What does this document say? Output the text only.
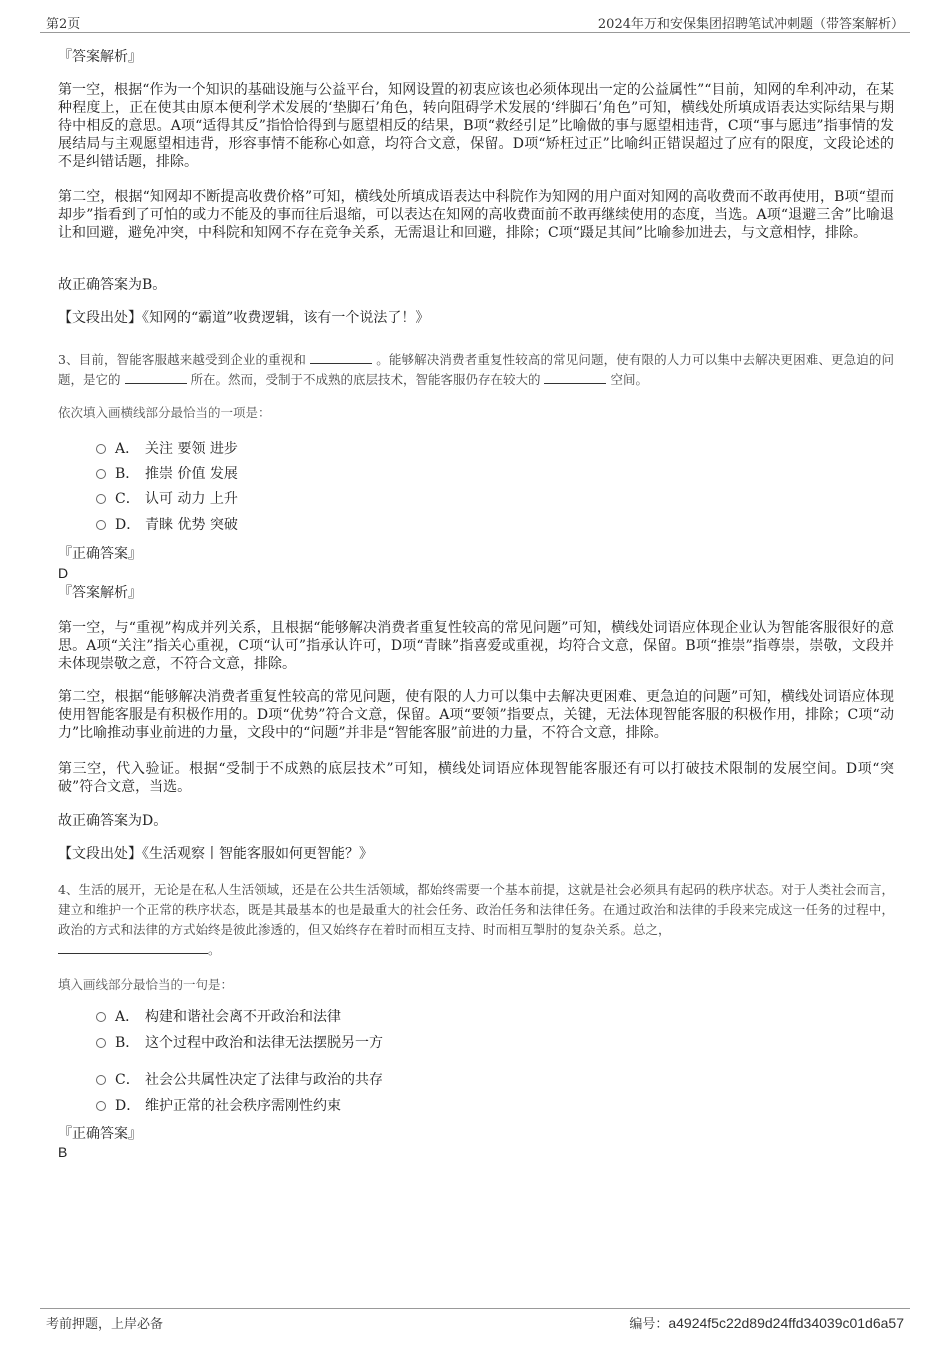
第2页	2024年万和安保集团招聘笔试冲刺题（带答案解析）
『答案解析』

第一空，根据“作为一个知识的基础设施与公益平台，知网设置的初衷应该也必须体现出一定的公益属性”“目前，知网的牟利冲动，在某种程度上，正在使其由原本便利学术发展的‘垫脚石’角色，转向阻碍学术发展的‘绊脚石’角色”可知，横线处所填成语表达实际结果与期待中相反的意思。A项“适得其反”指恰恰得到与愿望相反的结果，B项“救经引足”比喻做的事与愿望相违背，C项“事与愿违”指事情的发展结局与主观愿望相违背，形容事情不能称心如意，均符合文意，保留。D项“矫枉过正”比喻纠正错误超过了应有的限度，文段论述的不是纠错话题，排除。

第二空，根据“知网却不断提高收费价格”可知，横线处所填成语表达中科院作为知网的用户面对知网的高收费而不敢再使用，B项“望而却步”指看到了可怕的或力不能及的事而往后退缩，可以表达在知网的高收费面前不敢再继续使用的态度，当选。A项“退避三舍”比喻退让和回避，避免冲突，中科院和知网不存在竞争关系，无需退让和回避，排除；C项“蹑足其间”比喻参加进去，与文意相悖，排除。

故正确答案为B。

【文段出处】《知网的“霸道”收费逻辑，该有一个说法了！》

3、目前，智能客服越来越受到企业的重视和	。能够解决消费者重复性较高的常见问题，使有限的人力可以集中去解决更困难、更急迫的问题，是它的	所在。然而，受制于不成熟的底层技术，智能客服仍存在较大的	空间。

依次填入画横线部分最恰当的一项是：
A． 关注 要领 进步
B． 推崇 价值 发展
C． 认可 动力 上升
D． 青睐 优势 突破
『正确答案』
D
『答案解析』

第一空，与“重视”构成并列关系，且根据“能够解决消费者重复性较高的常见问题”可知，横线处词语应体现企业认为智能客服很好的意思。A项“关注”指关心重视，C项“认可”指承认许可，D项“青睐”指喜爱或重视，均符合文意，保留。B项“推崇”指尊崇，崇敬，文段并未体现崇敬之意，不符合文意，排除。

第二空，根据“能够解决消费者重复性较高的常见问题，使有限的人力可以集中去解决更困难、更急迫的问题”可知，横线处词语应体现使用智能客服是有积极作用的。D项“优势”符合文意，保留。A项“要领”指要点，关键，无法体现智能客服的积极作用，排除；C项“动力”比喻推动事业前进的力量，文段中的“问题”并非是“智能客服”前进的力量，不符合文意，排除。

第三空，代入验证。根据“受制于不成熟的底层技术”可知，横线处词语应体现智能客服还有可以打破技术限制的发展空间。D项“突破”符合文意，当选。

故正确答案为D。

【文段出处】《生活观察丨智能客服如何更智能？》

4、生活的展开，无论是在私人生活领域，还是在公共生活领域，都始终需要一个基本前提，这就是社会必须具有起码的秩序状态。对于人类社会而言，建立和维护一个正常的秩序状态，既是其最基本的也是最重大的社会任务、政治任务和法律任务。在通过政治和法律的手段来完成这一任务的过程中，政治的方式和法律的方式始终是彼此渗透的，但又始终存在着时而相互支持、时而相互掣肘的复杂关系。总之，
。

填入画线部分最恰当的一句是：
A． 构建和谐社会离不开政治和法律
B． 这个过程中政治和法律无法摆脱另一方
C． 社会公共属性决定了法律与政治的共存
D． 维护正常的社会秩序需刚性约束
『正确答案』
B
考前押题，上岸必备	编号：a4924f5c22d89d24ffd34039c01d6a57
